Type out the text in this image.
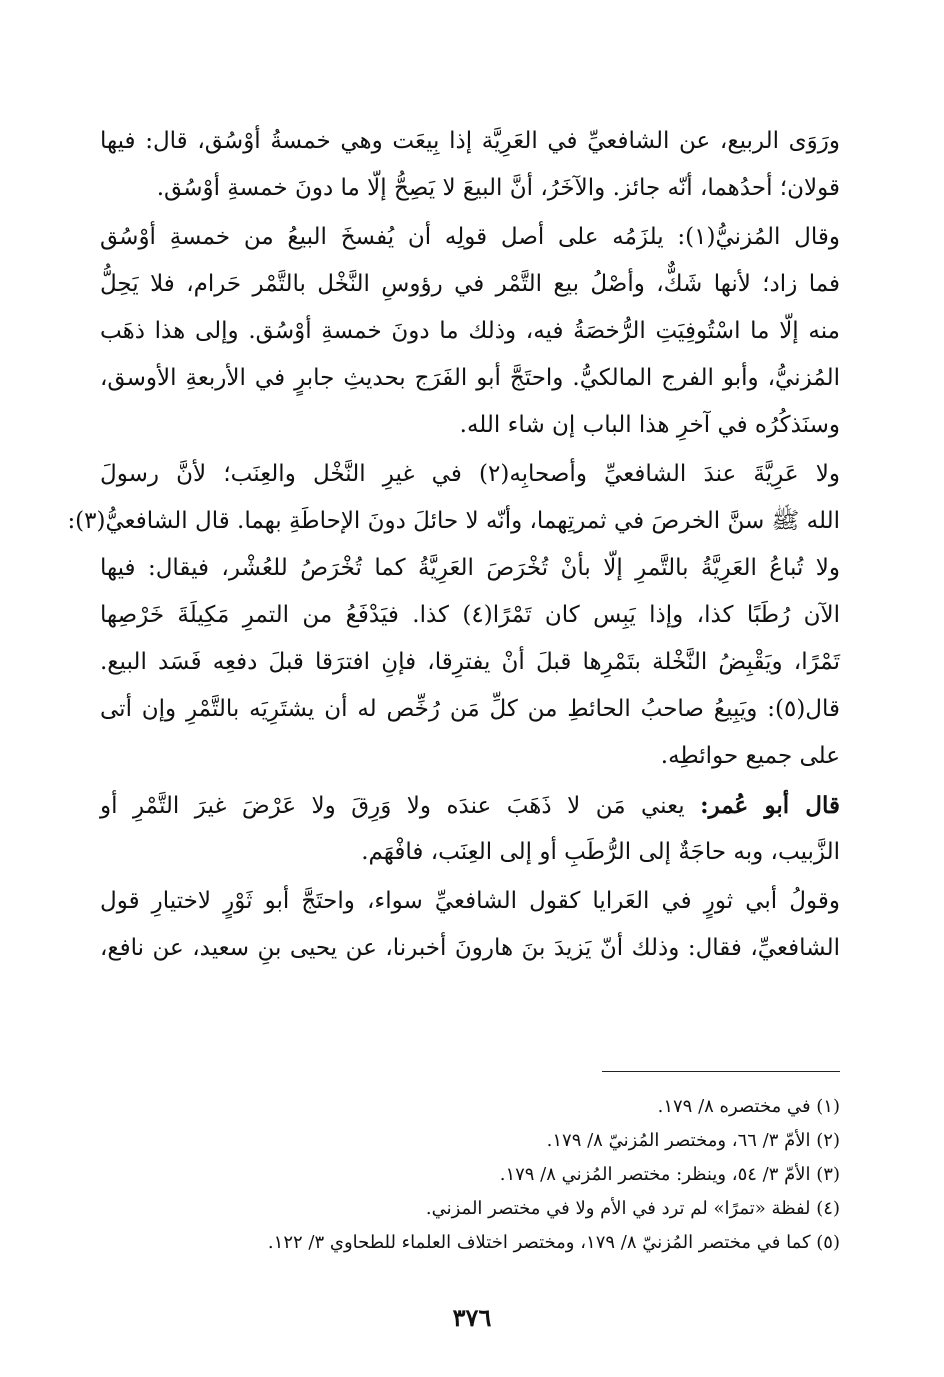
ورَوَى الربيع، عن الشافعيِّ في العَرِيَّة إذا بِيعَت وهي خمسةُ أوْسُق، قال: فيها
قولان؛ أحدُهما، أنّه جائز. والآخَرُ، أنَّ البيعَ لا يَصِحُّ إلّا ما دونَ خمسةِ أوْسُق.
وقال المُزنيُّ(١): يلزَمُه على أصل قولِه أن يُفسخَ البيعُ من خمسةِ أوْسُق
فما زاد؛ لأنها شَكٌّ، وأصْلُ بيع التَّمْر في رؤوسِ النَّخْل بالتَّمْر حَرام، فلا يَحِلُّ
منه إلّا ما اسْتُوفِيَتِ الرُّخصَةُ فيه، وذلك ما دونَ خمسةِ أوْسُق. وإلى هذا ذهَب
المُزنيُّ، وأبو الفرج المالكيُّ. واحتَجَّ أبو الفَرَج بحديثِ جابرٍ في الأربعةِ الأوسق،
وسنَذكُرُه في آخرِ هذا الباب إن شاء الله.
ولا عَرِيَّةَ عندَ الشافعيِّ وأصحابِه(٢) في غيرِ النَّخْل والعِنَب؛ لأنَّ رسولَ
الله ﷺ سنَّ الخرصَ في ثمرتِهما، وأنّه لا حائلَ دونَ الإحاطَةِ بهما. قال الشافعيُّ(٣):
ولا تُباعُ العَرِيَّةُ بالتَّمرِ إلّا بأنْ تُخْرَصَ العَرِيَّةُ كما تُخْرَصُ للعُشْر، فيقال: فيها
الآن رُطَبًا كذا، وإذا يَبِس كان تَمْرًا(٤) كذا. فيَدْفَعُ من التمرِ مَكِيلَةَ خَرْصِها
تَمْرًا، ويَقْبِضُ النَّخْلة بتَمْرِها قبلَ أنْ يفترِقا، فإنِ افترَقا قبلَ دفعِه فَسَد البيع.
قال(٥): ويَبِيعُ صاحبُ الحائطِ من كلِّ مَن رُخِّص له أن يشتَرِيَه بالتَّمْرِ وإن أتى
على جميع حوائطِه.
قال أبو عُمر: يعني مَن لا ذَهَبَ عندَه ولا وَرِقَ ولا عَرْضَ غيرَ التَّمْرِ أو
الزَّبيب، وبه حاجَةٌ إلى الرُّطَبِ أو إلى العِنَب، فافْهَم.
وقولُ أبي ثورٍ في العَرايا كقول الشافعيِّ سواء، واحتَجَّ أبو ثَوْرٍ لاختيارِ قول
الشافعيِّ، فقال: وذلك أنّ يَزيدَ بنَ هارونَ أخبرنا، عن يحيى بنِ سعيد، عن نافع،
(١) في مختصره ٨/ ١٧٩.
(٢) الأمّ ٣/ ٦٦، ومختصر المُزنيّ ٨/ ١٧٩.
(٣) الأمّ ٣/ ٥٤، وينظر: مختصر المُزني ٨/ ١٧٩.
(٤) لفظة «تمرًا» لم ترد في الأم ولا في مختصر المزني.
(٥) كما في مختصر المُزنيّ ٨/ ١٧٩، ومختصر اختلاف العلماء للطحاوي ٣/ ١٢٢.
٣٧٦
